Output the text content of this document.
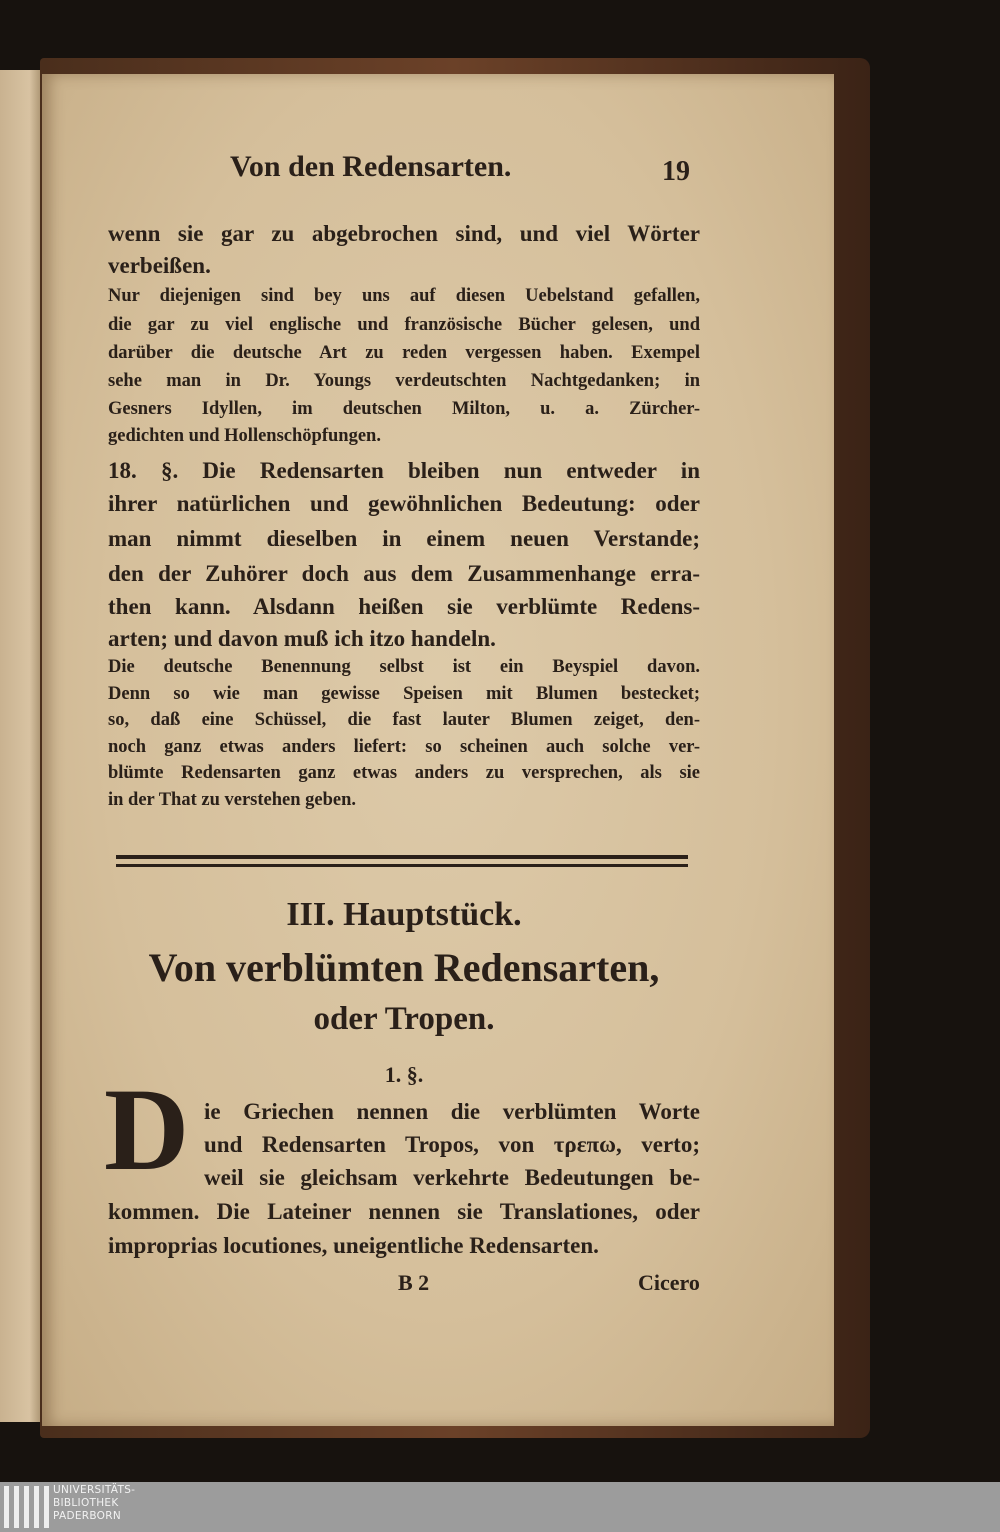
Von den Redensarten.	19
wenn sie gar zu abgebrochen sind, und viel Wörter
verbeißen.
Nur diejenigen sind bey uns auf diesen Uebelstand gefallen,
die gar zu viel englische und französische Bücher gelesen, und
darüber die deutsche Art zu reden vergessen haben. Exempel
sehe man in Dr. Youngs verdeutschten Nachtgedanken; in
Gesners Idyllen, im deutschen Milton, u. a. Zürcher-
gedichten und Hollenschöpfungen.
18. §. Die Redensarten bleiben nun entweder in
ihrer natürlichen und gewöhnlichen Bedeutung: oder
man nimmt dieselben in einem neuen Verstande;
den der Zuhörer doch aus dem Zusammenhange erra-
then kann. Alsdann heißen sie verblümte Redens-
arten; und davon muß ich itzo handeln.
Die deutsche Benennung selbst ist ein Beyspiel davon.
Denn so wie man gewisse Speisen mit Blumen bestecket;
so, daß eine Schüssel, die fast lauter Blumen zeiget, den-
noch ganz etwas anders liefert: so scheinen auch solche ver-
blümte Redensarten ganz etwas anders zu versprechen, als sie
in der That zu verstehen geben.
ie Griechen nennen die verblümten Worte
und Redensarten Tropos, von τρεπω, verto;
weil sie gleichsam verkehrte Bedeutungen be-
kommen. Die Lateiner nennen sie Translationes, oder
improprias locutiones, uneigentliche Redensarten.
III. Hauptstück.
Von verblümten Redensarten,
oder Tropen.
1. §.
D
B 2	Cicero
UNIVERSITÄTS-
BIBLIOTHEK
PADERBORN
